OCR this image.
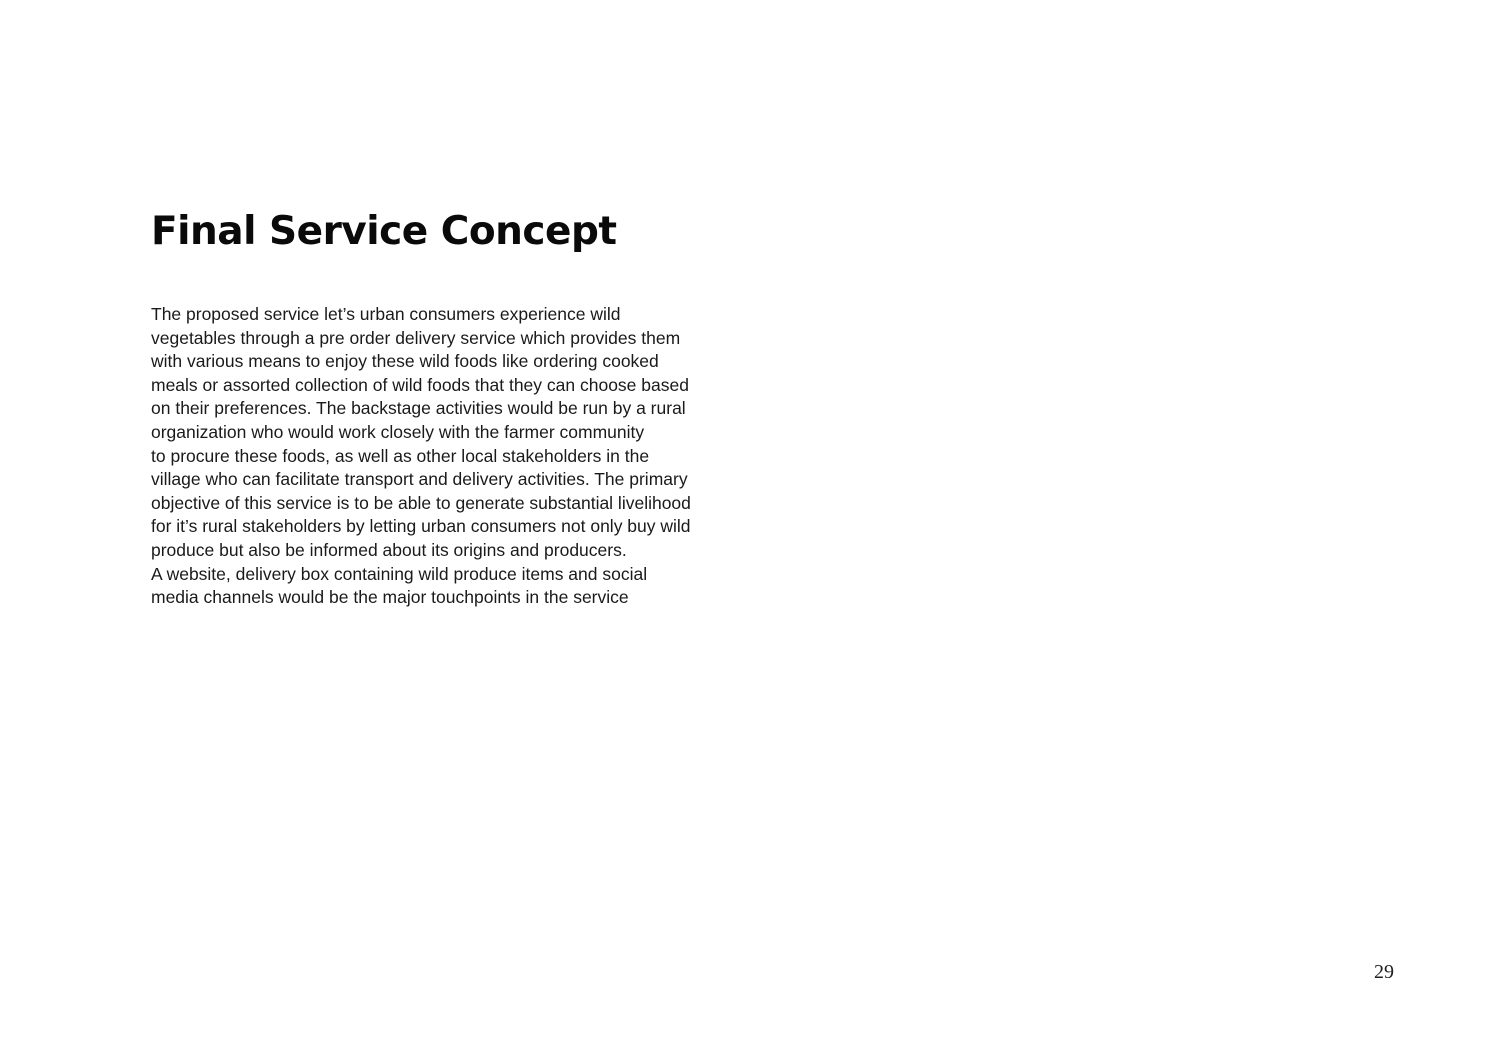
Final Service Concept

The proposed service let’s urban consumers experience wild
vegetables through a pre order delivery service which provides them
with various means to enjoy these wild foods like ordering cooked
meals or assorted collection of wild foods that they can choose based
on their preferences. The backstage activities would be run by a rural
organization who would work closely with the farmer community
to procure these foods, as well as other local stakeholders in the
village who can facilitate transport and delivery activities. The primary
objective of this service is to be able to generate substantial livelihood
for it’s rural stakeholders by letting urban consumers not only buy wild
produce but also be informed about its origins and producers.
A website, delivery box containing wild produce items and social
media channels would be the major touchpoints in the service

29
